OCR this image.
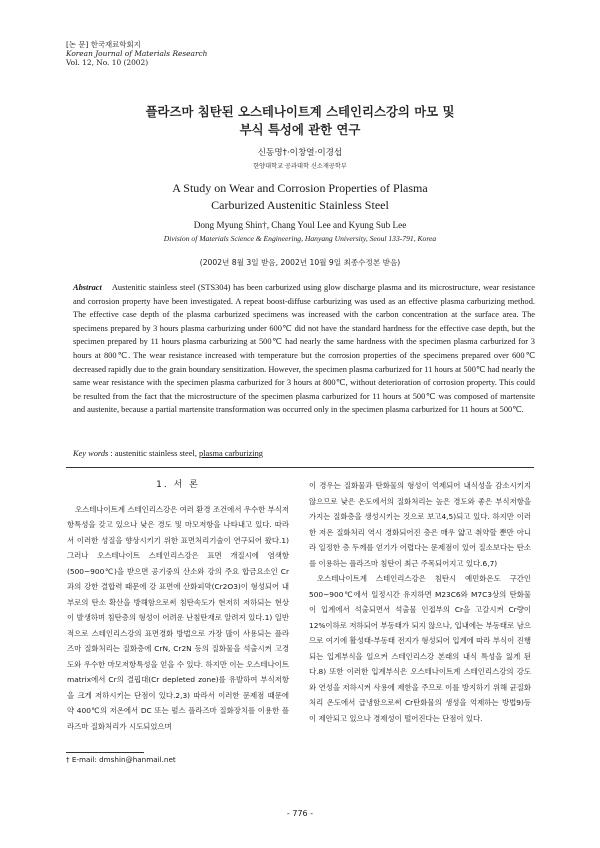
[논 문] 한국재료학회지
Korean Journal of Materials Research
Vol. 12, No. 10 (2002)
플라즈마 침탄된 오스테나이트계 스테인리스강의 마모 및
부식 특성에 관한 연구
신동명†·이창열·이경섭
한양대학교 공과대학 신소재공학부
A Study on Wear and Corrosion Properties of Plasma
Carburized Austenitic Stainless Steel
Dong Myung Shin†, Chang Youl Lee and Kyung Sub Lee
Division of Materials Science & Engineering, Hanyang University, Seoul 133-791, Korea
(2002년 8월 3일 받음, 2002년 10월 9일 최종수정본 받음)
Abstract Austenitic stainless steel (STS304) has been carburized using glow discharge plasma and its microstructure, wear resistance and corrosion property have been investigated. A repeat boost-diffuse carburizing was used as an effective plasma carburizing method. The effective case depth of the plasma carburized specimens was increased with the carbon concentration at the surface area. The specimens prepared by 3 hours plasma carburizing under 600℃ did not have the standard hardness for the effective case depth, but the specimen prepared by 11 hours plasma carburizing at 500℃ had nearly the same hardness with the specimen plasma carburized for 3 hours at 800℃. The wear resistance increased with temperature but the corrosion properties of the specimens prepared over 600℃ decreased rapidly due to the grain boundary sensitization. However, the specimen plasma carburized for 11 hours at 500℃ had nearly the same wear resistance with the specimen plasma carburized for 3 hours at 800℃, without deterioration of corrosion property. This could be resulted from the fact that the microstructure of the specimen plasma carburized for 11 hours at 500℃ was composed of martensite and austenite, because a partial martensite transformation was occurred only in the specimen plasma carburized for 11 hours at 500℃.
Key words : austenitic stainless steel, plasma carburizing
1. 서 론

오스테나이트계 스테인리스강은 여러 환경 조건에서 우수한 부식저항특성을 갖고 있으나 낮은 경도 및 마모저항을 나타내고 있다. 따라서 이러한 성질을 향상시키기 위한 표면처리기술이 연구되어 왔다.1) 그러나 오스테나이트 스테인리스강은 표면 개질시에 염색항 (500~900℃)을 받으면 공기중의 산소와 강의 주요 합금요소인 Cr과의 강한 결합력 때문에 강 표면에 산화피막(Cr2O3)이 형성되어 내부로의 탄소 확산을 방해함으로써 침탄속도가 현저히 저하되는 현상이 발생하며 침탄층의 형성이 어려운 난침탄재로 알려져 있다.1) 일반적으로 스테인리스강의 표면경화 방법으로 가장 많이 사용되는 플라즈마 질화처리는 질화층에 CrN, Cr2N 등의 질화물을 석출시켜 고경도와 우수한 마모저항특성을 얻을 수 있다. 하지만 이는 오스테나이트 matrix에서 Cr의 결핍대(Cr depleted zone)를 유발하여 부식저항을 크게 저하시키는 단점이 있다.2,3) 따라서 이러한 문제점 때문에 약 400℃의 저온에서 DC 또는 펄스 플라즈마 질화장치를 이용한 플라즈마 질화처리가 시도되었으며

이 경우는 질화물과 탄화물의 형성이 억제되어 내식성을 감소시키지 않으므로 낮은 온도에서의 질화처리는 높은 경도와 좋은 부식저항을 가지는 질화층을 생성시키는 것으로 보고4,5)되고 있다. 하지만 이러한 저온 질화처리 역시 경화되어진 층은 매우 얇고 취약할 뿐만 아니라 일정한 층 두께를 얻기가 어렵다는 문제점이 있어 질소보다는 탄소를 이용하는 플라즈마 침탄이 최근 주목되어지고 있다.6,7)

오스테나이트계 스테인리스강은 침탄시 예민화온도 구간인 500~900℃에서 일정시간 유지하면 M23C6와 M7C3상의 탄화물이 입계에서 석출되면서 석출물 인접부의 Cr을 고갈시켜 Cr량이 12%이하로 저하되어 부동태가 되지 않으나, 입내에는 부동태로 남으므로 여기에 활성태-부동태 전지가 형성되어 입계에 따라 부식이 진행되는 입계부식을 일으켜 스테인리스강 본래의 내식 특성을 잃게 된다.8) 또한 이러한 입계부식은 오스테나이트계 스테인리스강의 강도와 연성을 저하시켜 사용에 제한을 주므로 이를 방지하기 위해 균질화처리 온도에서 급냉함으로써 Cr탄화물의 생성을 억제하는 방법9)등이 제안되고 있으나 경제성이 떨어진다는 단점이 있다.

† E-mail: dmshin@hanmail.net
- 776 -
